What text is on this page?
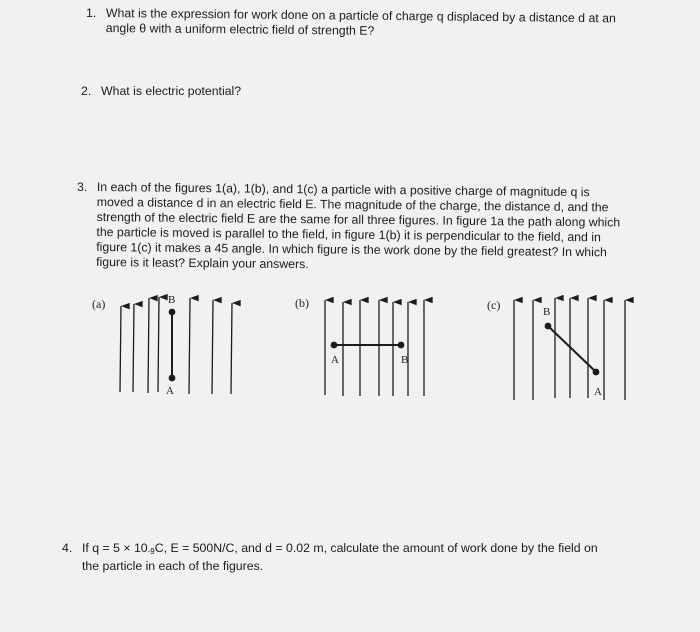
1. What is the expression for work done on a particle of charge q displaced by a distance d at an
angle θ with a uniform electric field of strength E?
2. What is electric potential?
3. In each of the figures 1(a), 1(b), and 1(c) a particle with a positive charge of magnitude q is
moved a distance d in an electric field E. The magnitude of the charge, the distance d, and the
strength of the electric field E are the same for all three figures. In figure 1a the path along which
the particle is moved is parallel to the field, in figure 1(b) it is perpendicular to the field, and in
figure 1(c) it makes a 45 angle. In which figure is the work done by the field greatest? In which
figure is it least? Explain your answers.
(a)	B
A
(b)
A	B
(c)	B
A
4. If $q = 5 \times 10_{-9}C$, E = 500N/C, and d = 0.02 m, calculate the amount of work done by the field on
the particle in each of the figures.
